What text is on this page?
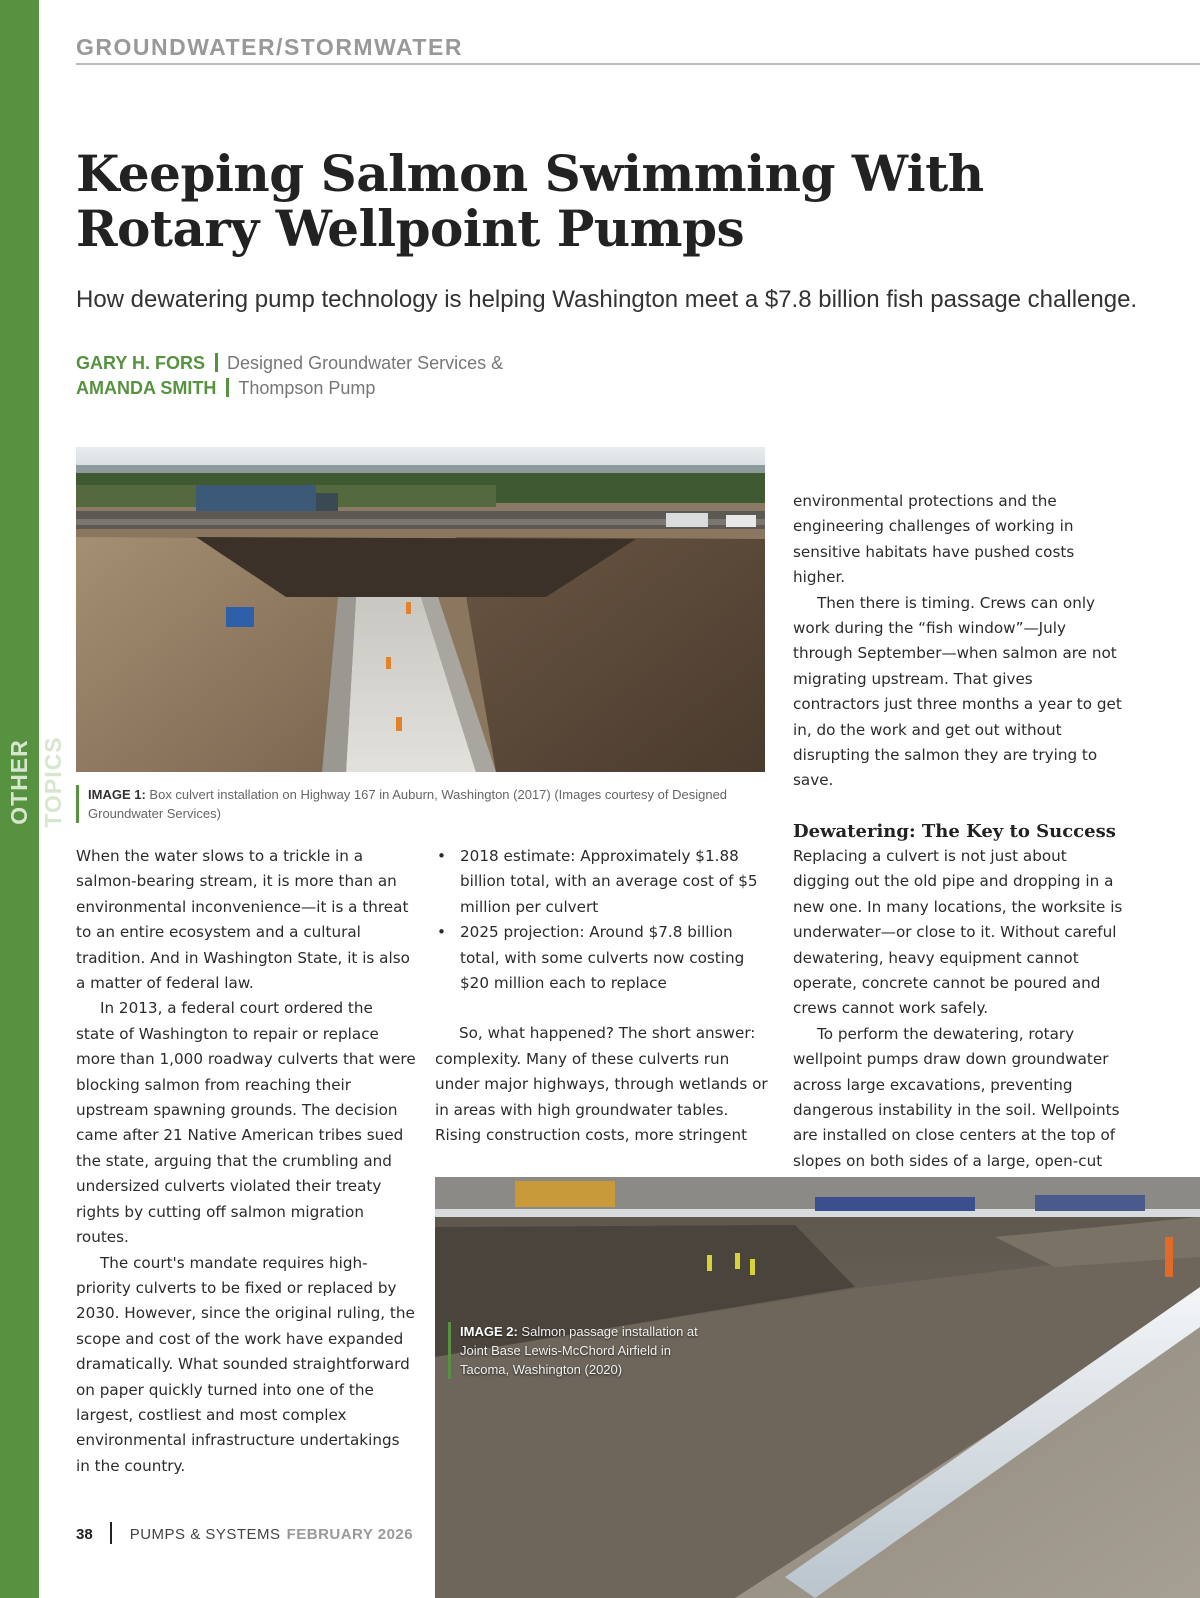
OTHER TOPICS
GROUNDWATER/STORMWATER
Keeping Salmon Swimming With Rotary Wellpoint Pumps
How dewatering pump technology is helping Washington meet a $7.8 billion fish passage challenge.
GARY H. FORS Designed Groundwater Services &
AMANDA SMITH Thompson Pump
IMAGE 1: Box culvert installation on Highway 167 in Auburn, Washington (2017) (Images courtesy of Designed Groundwater Services)

When the water slows to a trickle in a salmon-bearing stream, it is more than an environmental inconvenience—it is a threat to an entire ecosystem and a cultural tradition. And in Washington State, it is also a matter of federal law.

In 2013, a federal court ordered the state of Washington to repair or replace more than 1,000 roadway culverts that were blocking salmon from reaching their upstream spawning grounds. The decision came after 21 Native American tribes sued the state, arguing that the crumbling and undersized culverts violated their treaty rights by cutting off salmon migration routes.

The court's mandate requires high-priority culverts to be fixed or replaced by 2030. However, since the original ruling, the scope and cost of the work have expanded dramatically. What sounded straightforward on paper quickly turned into one of the largest, costliest and most complex environmental infrastructure undertakings in the country.

• 2018 estimate: Approximately $1.88 billion total, with an average cost of $5 million per culvert
• 2025 projection: Around $7.8 billion total, with some culverts now costing $20 million each to replace

So, what happened? The short answer: complexity. Many of these culverts run under major highways, through wetlands or in areas with high groundwater tables. Rising construction costs, more stringent

environmental protections and the engineering challenges of working in sensitive habitats have pushed costs higher.

Then there is timing. Crews can only work during the “fish window”—July through September—when salmon are not migrating upstream. That gives contractors just three months a year to get in, do the work and get out without disrupting the salmon they are trying to save.

Dewatering: The Key to Success

Replacing a culvert is not just about digging out the old pipe and dropping in a new one. In many locations, the worksite is underwater—or close to it. Without careful dewatering, heavy equipment cannot operate, concrete cannot be poured and crews cannot work safely.

To perform the dewatering, rotary wellpoint pumps draw down groundwater across large excavations, preventing dangerous instability in the soil. Wellpoints are installed on close centers at the top of slopes on both sides of a large, open-cut

IMAGE 2: Salmon passage installation at Joint Base Lewis-McChord Airfield in Tacoma, Washington (2020)
38 PUMPS & SYSTEMS FEBRUARY 2026
